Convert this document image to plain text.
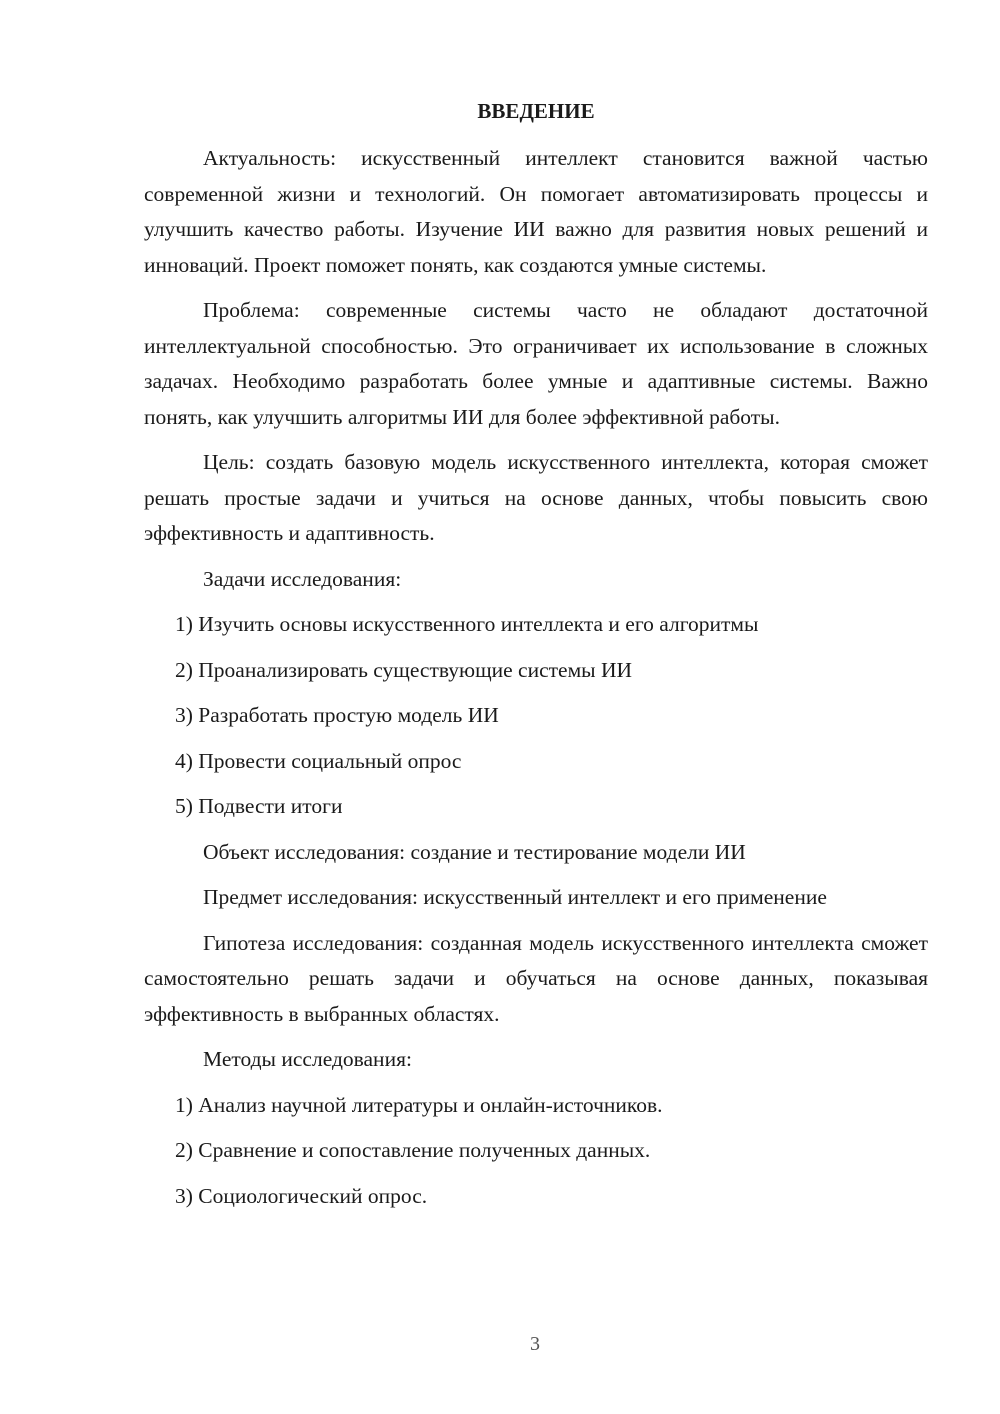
ВВЕДЕНИЕ

Актуальность: искусственный интеллект становится важной частью современной жизни и технологий. Он помогает автоматизировать процессы и улучшить качество работы. Изучение ИИ важно для развития новых решений и инноваций. Проект поможет понять, как создаются умные системы.

Проблема: современные системы часто не обладают достаточной интеллектуальной способностью. Это ограничивает их использование в сложных задачах. Необходимо разработать более умные и адаптивные системы. Важно понять, как улучшить алгоритмы ИИ для более эффективной работы.

Цель: создать базовую модель искусственного интеллекта, которая сможет решать простые задачи и учиться на основе данных, чтобы повысить свою эффективность и адаптивность.

Задачи исследования:
1) Изучить основы искусственного интеллекта и его алгоритмы
2) Проанализировать существующие системы ИИ
3) Разработать простую модель ИИ
4) Провести социальный опрос
5) Подвести итоги
Объект исследования: создание и тестирование модели ИИ
Предмет исследования: искусственный интеллект и его применение

Гипотеза исследования: созданная модель искусственного интеллекта сможет самостоятельно решать задачи и обучаться на основе данных, показывая эффективность в выбранных областях.

Методы исследования:
1) Анализ научной литературы и онлайн-источников.
2) Сравнение и сопоставление полученных данных.
3) Социологический опрос.
3
